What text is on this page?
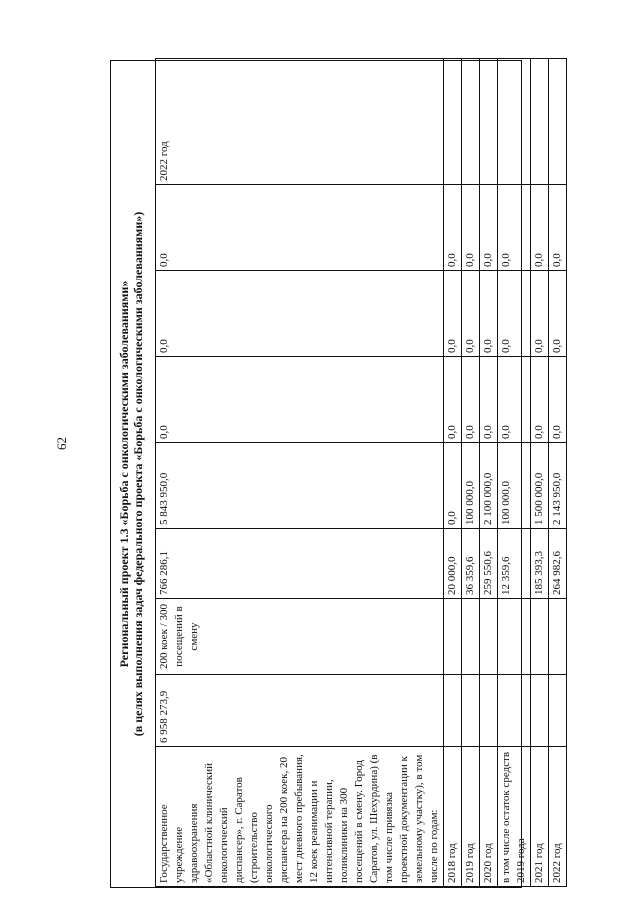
62	Региональный проект 1.3 «Борьба с онкологическими заболеваниями» (в целях выполнения задач федерального проекта «Борьба с онкологическими заболеваниями»)
Государственное учреждение здравоохранения «Областной клинический онкологический диспансер», г. Саратов (строительство онкологического диспансера на 200 коек, 20 мест дневного пребывания, 12 коек реанимации и интенсивной терапии, поликлиники на 300 посещений в смену. Город Саратов, ул. Шехурдина) (в том числе привязка проектной документации к земельному участку), в том числе по годам:	6 958 273,9	200 коек / 300 посещений в смену	766 286,1	5 843 950,0	0,0	0,0	0,0	2022 год
2018 год			20 000,0	0,0	0,0	0,0	0,0	
2019 год			36 359,6	100 000,0	0,0	0,0	0,0	
2020 год			259 550,6	2 100 000,0	0,0	0,0	0,0	
в том числе остаток средств 2019 года			12 359,6	100 000,0	0,0	0,0	0,0	
2021 год			185 393,3	1 500 000,0	0,0	0,0	0,0	
2022 год			264 982,6	2 143 950,0	0,0	0,0	0,0	
